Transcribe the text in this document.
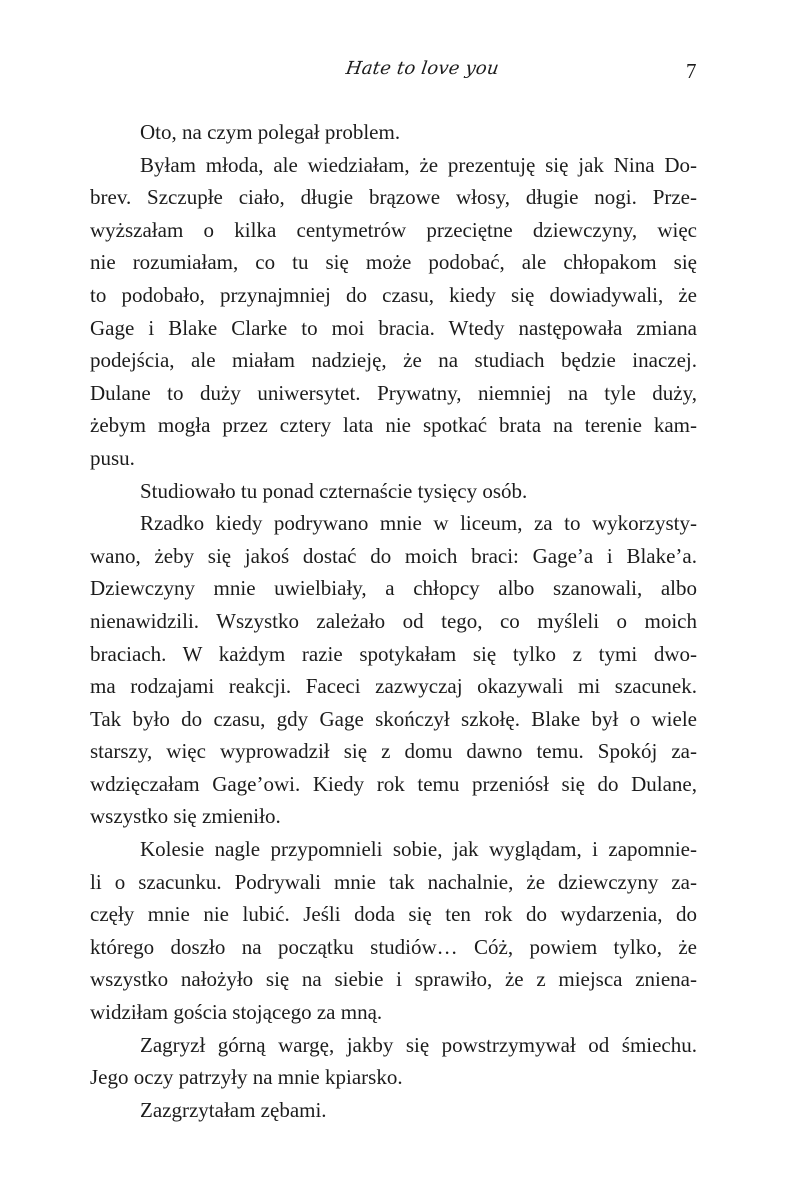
Hate to love you	7

Oto, na czym polegał problem.

Byłam młoda, ale wiedziałam, że prezentuję się jak Nina Do-

brev. Szczupłe ciało, długie brązowe włosy, długie nogi. Prze-

wyższałam o kilka centymetrów przeciętne dziewczyny, więc

nie rozumiałam, co tu się może podobać, ale chłopakom się

to podobało, przynajmniej do czasu, kiedy się dowiadywali, że

Gage i Blake Clarke to moi bracia. Wtedy następowała zmiana

podejścia, ale miałam nadzieję, że na studiach będzie inaczej.

Dulane to duży uniwersytet. Prywatny, niemniej na tyle duży,

żebym mogła przez cztery lata nie spotkać brata na terenie kam-

pusu.

Studiowało tu ponad czternaście tysięcy osób.

Rzadko kiedy podrywano mnie w liceum, za to wykorzysty-

wano, żeby się jakoś dostać do moich braci: Gage’a i Blake’a.

Dziewczyny mnie uwielbiały, a chłopcy albo szanowali, albo

nienawidzili. Wszystko zależało od tego, co myśleli o moich

braciach. W każdym razie spotykałam się tylko z tymi dwo-

ma rodzajami reakcji. Faceci zazwyczaj okazywali mi szacunek.

Tak było do czasu, gdy Gage skończył szkołę. Blake był o wiele

starszy, więc wyprowadził się z domu dawno temu. Spokój za-

wdzięczałam Gage’owi. Kiedy rok temu przeniósł się do Dulane,

wszystko się zmieniło.

Kolesie nagle przypomnieli sobie, jak wyglądam, i zapomnie-

li o szacunku. Podrywali mnie tak nachalnie, że dziewczyny za-

częły mnie nie lubić. Jeśli doda się ten rok do wydarzenia, do

którego doszło na początku studiów… Cóż, powiem tylko, że

wszystko nałożyło się na siebie i sprawiło, że z miejsca zniena-

widziłam gościa stojącego za mną.

Zagryzł górną wargę, jakby się powstrzymywał od śmiechu.

Jego oczy patrzyły na mnie kpiarsko.

Zazgrzytałam zębami.
